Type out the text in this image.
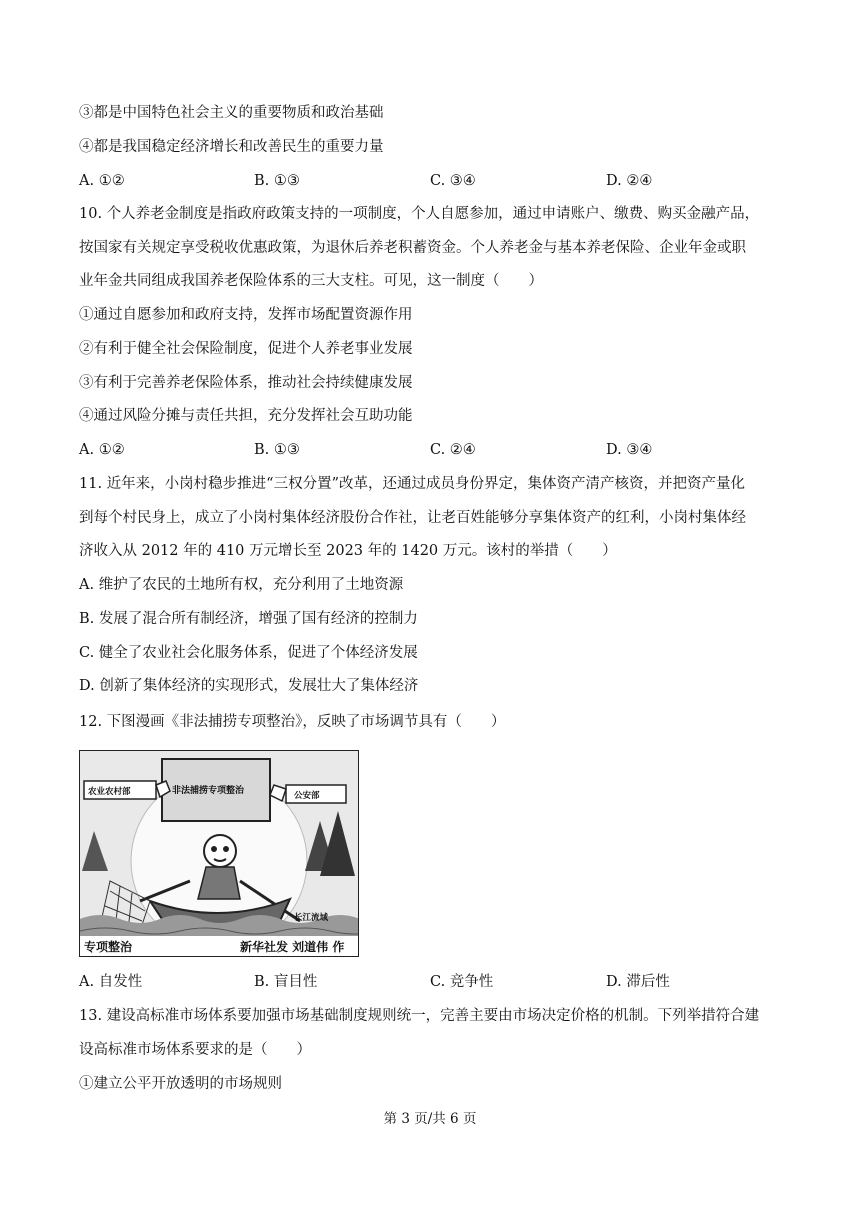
③都是中国特色社会主义的重要物质和政治基础
④都是我国稳定经济增长和改善民生的重要力量
A. ①②	B. ①③	C. ③④	D. ②④
10. 个人养老金制度是指政府政策支持的一项制度，个人自愿参加，通过申请账户、缴费、购买金融产品，
按国家有关规定享受税收优惠政策，为退休后养老积蓄资金。个人养老金与基本养老保险、企业年金或职
业年金共同组成我国养老保险体系的三大支柱。可见，这一制度（　　）
①通过自愿参加和政府支持，发挥市场配置资源作用
②有利于健全社会保险制度，促进个人养老事业发展
③有利于完善养老保险体系，推动社会持续健康发展
④通过风险分摊与责任共担，充分发挥社会互助功能
A. ①②	B. ①③	C. ②④	D. ③④
11. 近年来，小岗村稳步推进“三权分置”改革，还通过成员身份界定，集体资产清产核资，并把资产量化
到每个村民身上，成立了小岗村集体经济股份合作社，让老百姓能够分享集体资产的红利，小岗村集体经
济收入从 2012 年的 410 万元增长至 2023 年的 1420 万元。该村的举措（　　）
A. 维护了农民的土地所有权，充分利用了土地资源
B. 发展了混合所有制经济，增强了国有经济的控制力
C. 健全了农业社会化服务体系，促进了个体经济发展
D. 创新了集体经济的实现形式，发展壮大了集体经济
12. 下图漫画《非法捕捞专项整治》，反映了市场调节具有（　　）
非法捕捞专项整治
农业农村部	公安部
长江流域
专项整治	新华社发 刘道伟 作
A. 自发性	B. 盲目性	C. 竞争性	D. 滞后性
13. 建设高标准市场体系要加强市场基础制度规则统一，完善主要由市场决定价格的机制。下列举措符合建
设高标准市场体系要求的是（　　）
①建立公平开放透明的市场规则
第 3 页/共 6 页
